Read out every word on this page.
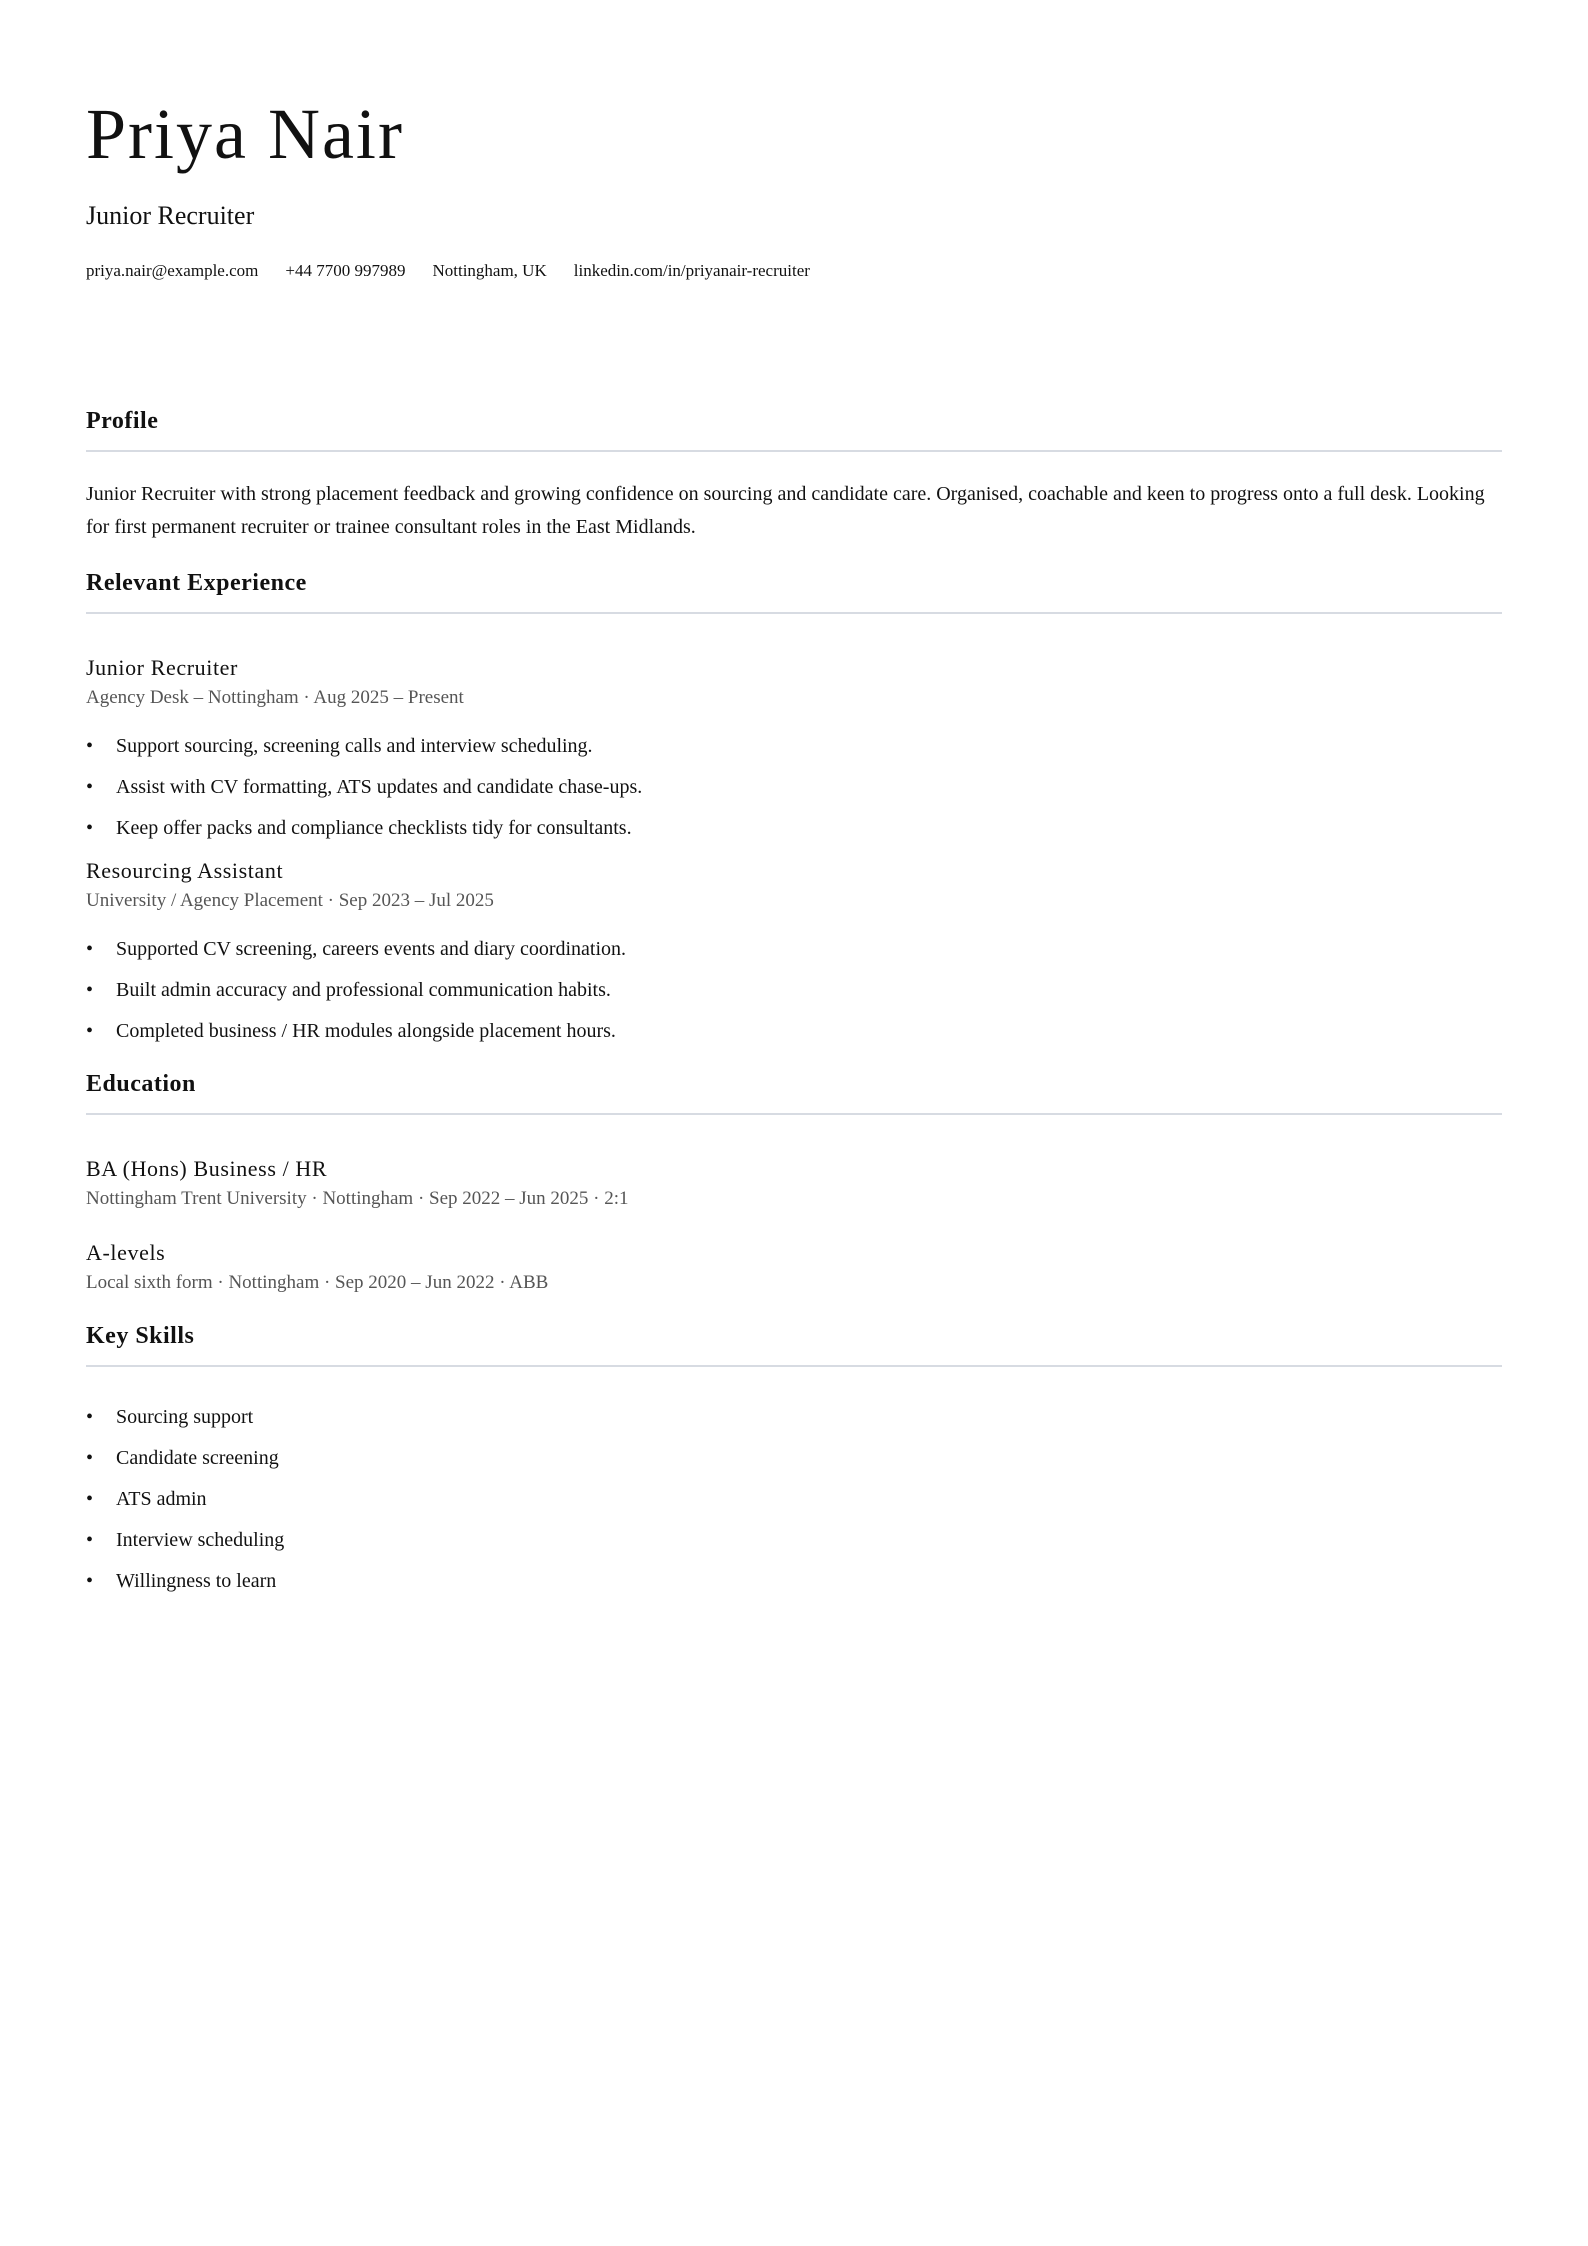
Priya Nair
Junior Recruiter
priya.nair@example.com +44 7700 997989 Nottingham, UK linkedin.com/in/priyanair-recruiter
Profile

Junior Recruiter with strong placement feedback and growing confidence on sourcing and candidate care. Organised, coachable and keen to progress onto a full desk. Looking for first permanent recruiter or trainee consultant roles in the East Midlands.

Relevant Experience
Junior Recruiter
Agency Desk – Nottingham · Aug 2025 – Present
• Support sourcing, screening calls and interview scheduling.
• Assist with CV formatting, ATS updates and candidate chase-ups.
• Keep offer packs and compliance checklists tidy for consultants.
Resourcing Assistant
University / Agency Placement · Sep 2023 – Jul 2025
• Supported CV screening, careers events and diary coordination.
• Built admin accuracy and professional communication habits.
• Completed business / HR modules alongside placement hours.
Education
BA (Hons) Business / HR
Nottingham Trent University · Nottingham · Sep 2022 – Jun 2025 · 2:1
A-levels
Local sixth form · Nottingham · Sep 2020 – Jun 2022 · ABB
Key Skills
• Sourcing support
• Candidate screening
• ATS admin
• Interview scheduling
• Willingness to learn
